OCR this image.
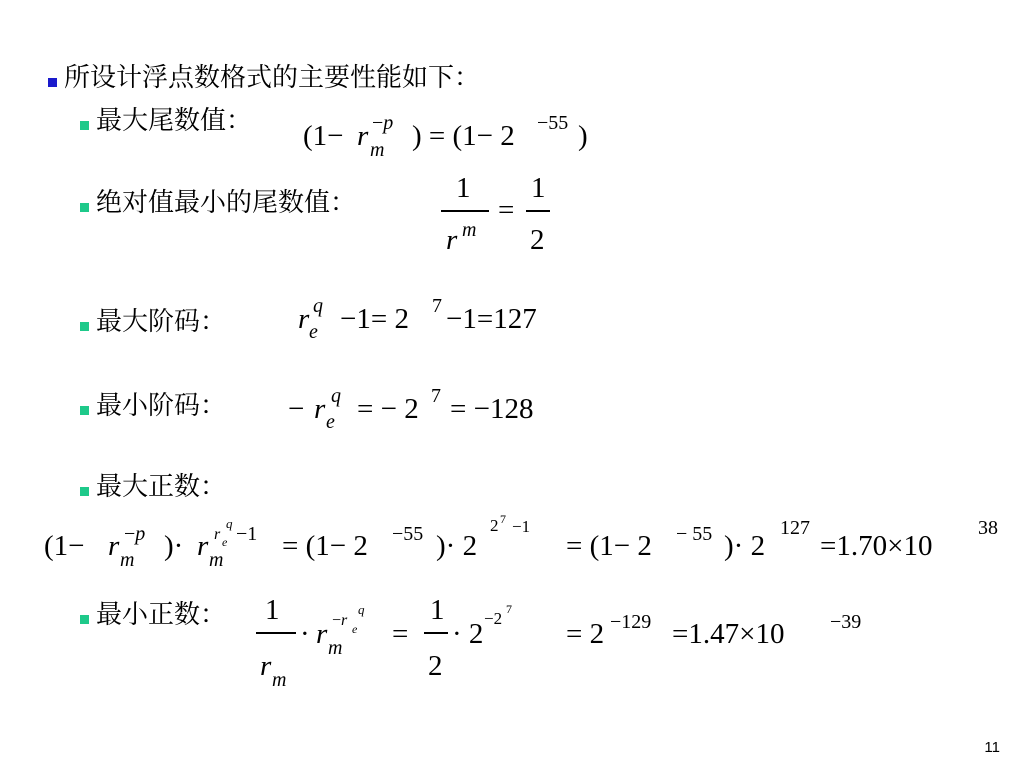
所设计浮点数格式的主要性能如下：
最大尾数值： (1− r m
−p ) = (1− 2 −55 )
绝对值最小的尾数值：	1
r m
=
1
2
最大阶码： r e
q −1= 2 7 −1=127
最小阶码： − r e
q = − 2 7 = −128
最大正数：
(1− r m
−p )· r m
r e
q −1 = (1− 2 −55 )· 2
2 7 −1
= (1− 2 − 55 )· 2
127
=1.70×10
38
最小正数： 1
r m
· r m
−r e
q
=
1
2
· 2 −2 7
= 2 −129 =1.47×10 −39
11
